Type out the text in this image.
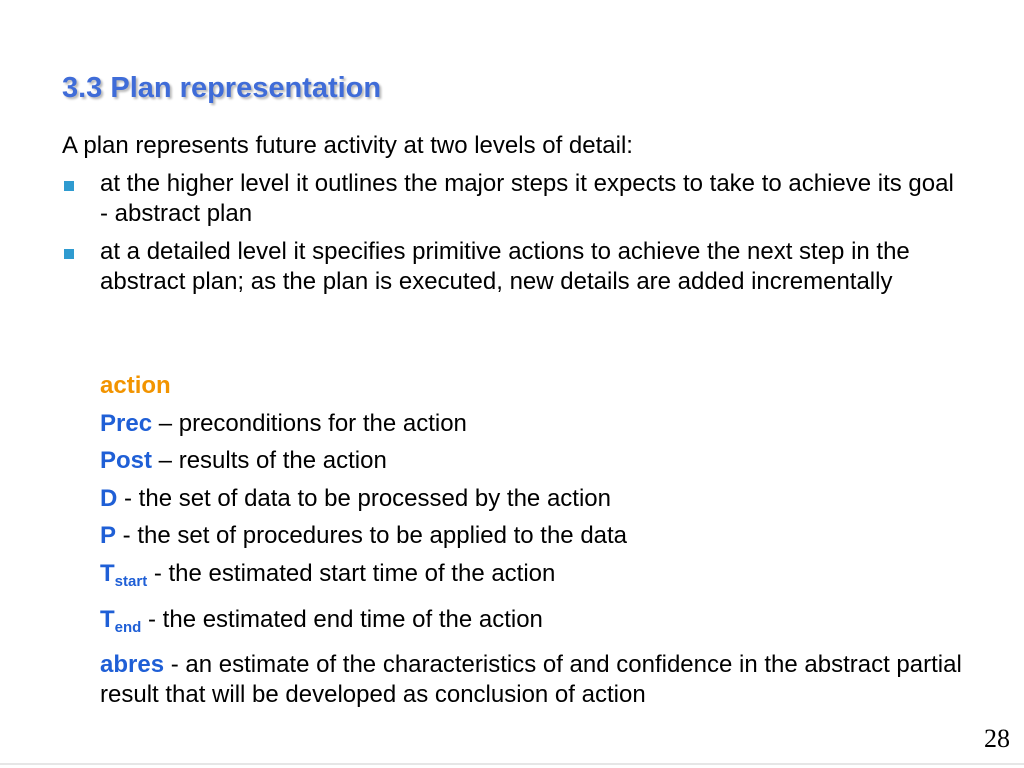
3.3 Plan representation
A plan represents future activity at two levels of detail:
at the higher level it outlines the major steps it expects to take to achieve its goal - abstract plan
at a detailed level it specifies primitive actions to achieve the next step in the abstract plan; as the plan is executed, new details are added incrementally
action
Prec – preconditions for the action
Post – results of the action
D - the set of data to be processed by the action
P - the set of procedures to be applied to the data
$T_{start}$ - the estimated start time of the action
$T_{end}$ - the estimated end time of the action
abres - an estimate of the characteristics of and confidence in the abstract partial result that will be developed as conclusion of action
28
